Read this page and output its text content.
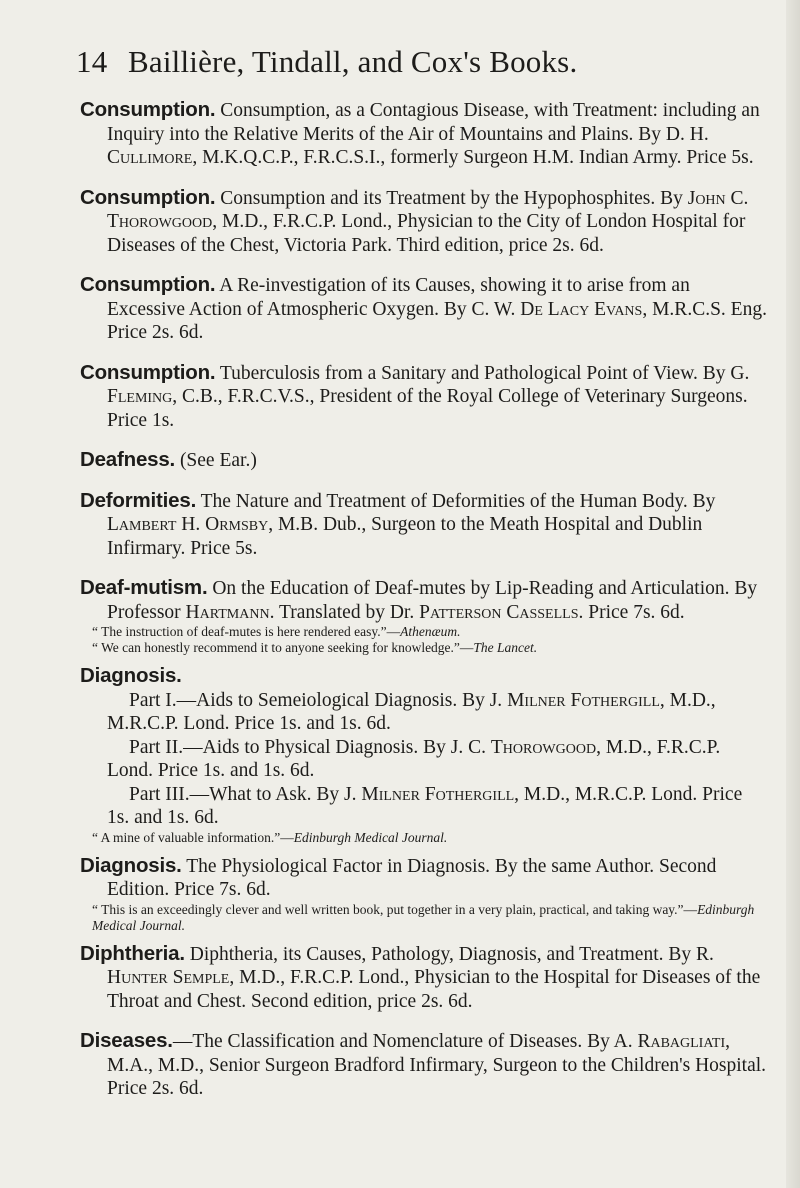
14 Baillière, Tindall, and Cox's Books.

Consumption. Consumption, as a Contagious Disease, with Treatment: including an Inquiry into the Relative Merits of the Air of Mountains and Plains. By D. H. Cullimore, M.K.Q.C.P., F.R.C.S.I., formerly Surgeon H.M. Indian Army. Price 5s.

Consumption. Consumption and its Treatment by the Hypophosphites. By John C. Thorowgood, M.D., F.R.C.P. Lond., Physician to the City of London Hospital for Diseases of the Chest, Victoria Park. Third edition, price 2s. 6d.

Consumption. A Re-investigation of its Causes, showing it to arise from an Excessive Action of Atmospheric Oxygen. By C. W. De Lacy Evans, M.R.C.S. Eng. Price 2s. 6d.

Consumption. Tuberculosis from a Sanitary and Pathological Point of View. By G. Fleming, C.B., F.R.C.V.S., President of the Royal College of Veterinary Surgeons. Price 1s.

Deafness. (See Ear.)

Deformities. The Nature and Treatment of Deformities of the Human Body. By Lambert H. Ormsby, M.B. Dub., Surgeon to the Meath Hospital and Dublin Infirmary. Price 5s.

Deaf-mutism. On the Education of Deaf-mutes by Lip-Reading and Articulation. By Professor Hartmann. Translated by Dr. Patterson Cassells. Price 7s. 6d.

“ The instruction of deaf-mutes is here rendered easy.”—Athenæum.

“ We can honestly recommend it to anyone seeking for knowledge.”—The Lancet.

Diagnosis.

Part I.—Aids to Semeiological Diagnosis. By J. Milner Fothergill, M.D., M.R.C.P. Lond. Price 1s. and 1s. 6d.

Part II.—Aids to Physical Diagnosis. By J. C. Thorowgood, M.D., F.R.C.P. Lond. Price 1s. and 1s. 6d.

Part III.—What to Ask. By J. Milner Fothergill, M.D., M.R.C.P. Lond. Price 1s. and 1s. 6d.

“ A mine of valuable information.”—Edinburgh Medical Journal.

Diagnosis. The Physiological Factor in Diagnosis. By the same Author. Second Edition. Price 7s. 6d.

“ This is an exceedingly clever and well written book, put together in a very plain, practical, and taking way.”—Edinburgh Medical Journal.

Diphtheria. Diphtheria, its Causes, Pathology, Diagnosis, and Treatment. By R. Hunter Semple, M.D., F.R.C.P. Lond., Physician to the Hospital for Diseases of the Throat and Chest. Second edition, price 2s. 6d.

Diseases.—The Classification and Nomenclature of Diseases. By A. Rabagliati, M.A., M.D., Senior Surgeon Bradford Infirmary, Surgeon to the Children's Hospital. Price 2s. 6d.
